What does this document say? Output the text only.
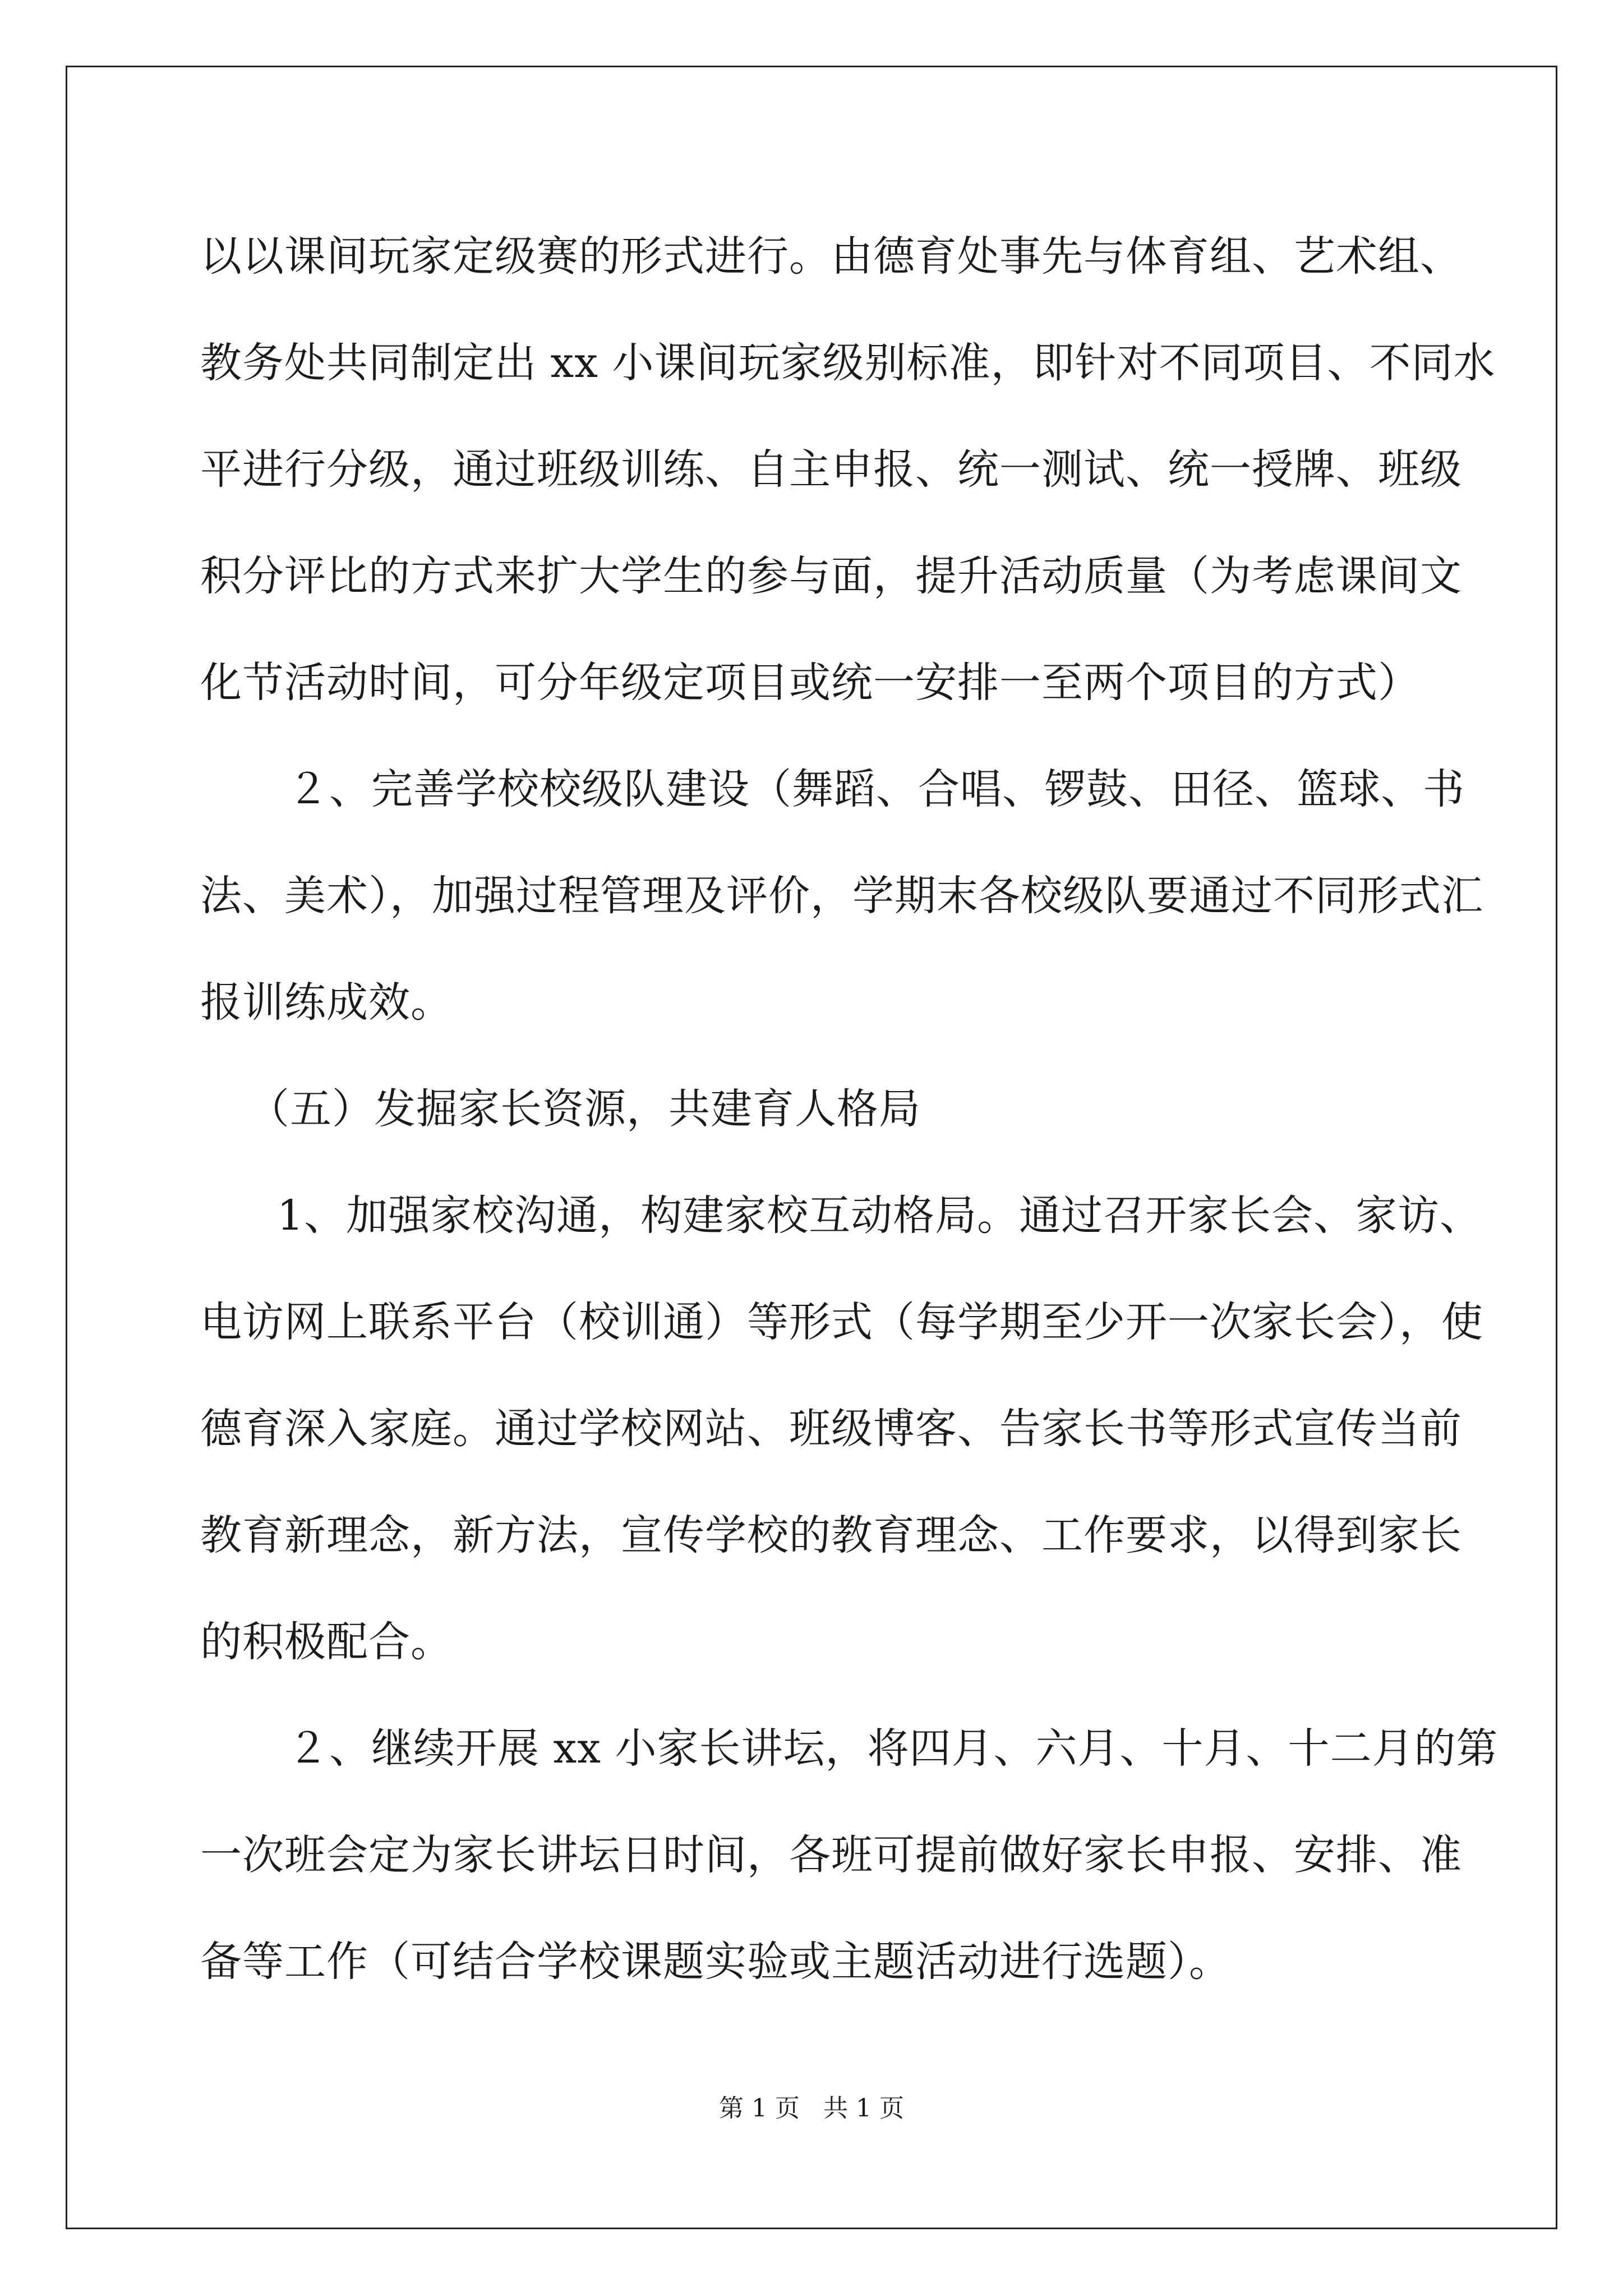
以以课间玩家定级赛的形式进行。由德育处事先与体育组、艺术组、
教务处共同制定出 xx 小课间玩家级别标准，即针对不同项目、不同水
平进行分级，通过班级训练、自主申报、统一测试、统一授牌、班级
积分评比的方式来扩大学生的参与面，提升活动质量（为考虑课间文
化节活动时间，可分年级定项目或统一安排一至两个项目的方式）
２、完善学校校级队建设（舞蹈、合唱、锣鼓、田径、篮球、书
法、美术），加强过程管理及评价，学期末各校级队要通过不同形式汇
报训练成效。
（五）发掘家长资源，共建育人格局
1、加强家校沟通，构建家校互动格局。通过召开家长会、家访、
电访网上联系平台（校训通）等形式（每学期至少开一次家长会），使
德育深入家庭。通过学校网站、班级博客、告家长书等形式宣传当前
教育新理念，新方法，宣传学校的教育理念、工作要求，以得到家长
的积极配合。
２、继续开展 xx 小家长讲坛，将四月、六月、十月、十二月的第
一次班会定为家长讲坛日时间，各班可提前做好家长申报、安排、准
备等工作（可结合学校课题实验或主题活动进行选题）。
第 1 页   共 1 页
